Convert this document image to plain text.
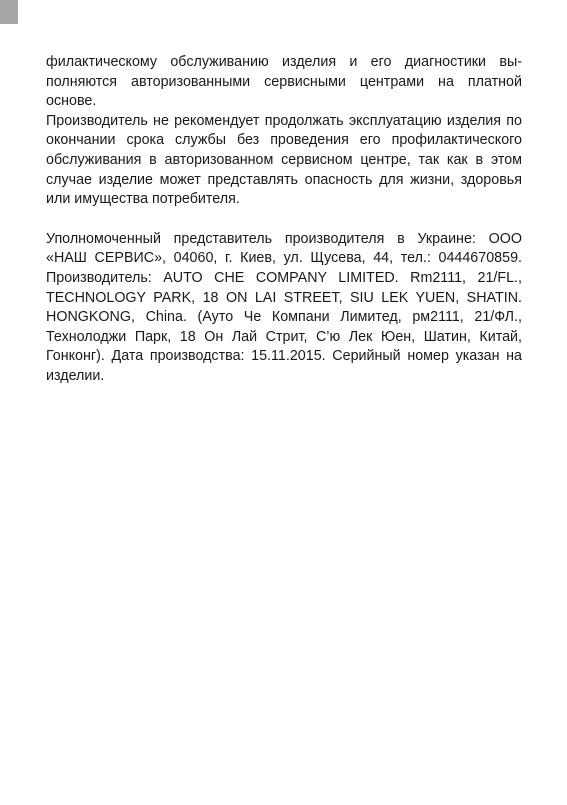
филактическому обслуживанию изделия и его диагностики выполняются авторизованными сервисными центрами на платной основе.

Производитель не рекомендует продолжать эксплуатацию изделия по окончании срока службы без проведения его профилактического обслуживания в авторизованном сервисном центре, так как в этом случае изделие может представлять опасность для жизни, здоровья или имущества потребителя.

Уполномоченный представитель производителя в Украине: ООО «НАШ СЕРВИС», 04060, г. Киев, ул. Щусева, 44, тел.: 0444670859. Производитель: AUTO CHE COMPANY LIMITED. Rm2111, 21/FL., TECHNOLOGY PARK, 18 ON LAI STREET, SIU LEK YUEN, SHATIN. HONGKONG, China. (Ауто Че Компани Лимитед, рм2111, 21/ФЛ., Технолоджи Парк, 18 Он Лай Стрит, С’ю Лек Юен, Шатин, Китай, Гонконг). Дата производства: 15.11.2015. Серийный номер указан на изделии.
